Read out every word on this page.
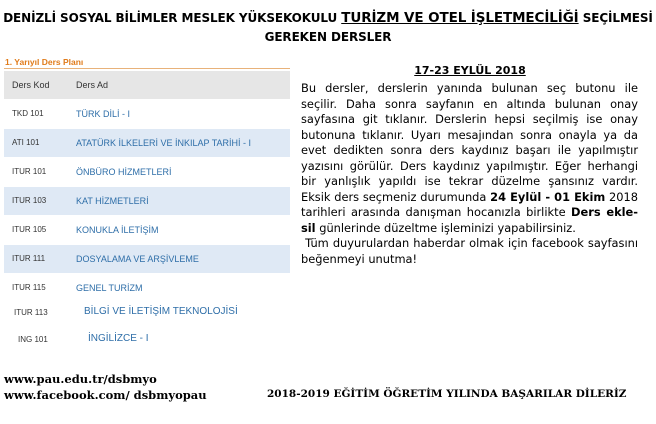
DENİZLİ SOSYAL BİLİMLER MESLEK YÜKSEKOKULU TURİZM VE OTEL İŞLETMECİLİĞİ SEÇİLMESİ
GEREKEN DERSLER
1. Yarıyıl Ders Planı
Ders Kod	Ders Ad
TKD 101	TÜRK DİLİ - I
ATI 101	ATATÜRK İLKELERİ VE İNKILAP TARİHİ - I
ITUR 101	ÖNBÜRO HİZMETLERİ
ITUR 103	KAT HİZMETLERİ
ITUR 105	KONUKLA İLETİŞİM
ITUR 111	DOSYALAMA VE ARŞİVLEME
ITUR 115	GENEL TURİZM
ITUR 113	BİLGİ VE İLETİŞİM TEKNOLOJİSİ
ING 101	İNGİLİZCE - I
17-23 EYLÜL 2018

Bu dersler, derslerin yanında bulunan seç butonu ile seçilir. Daha sonra sayfanın en altında bulunan onay sayfasına git tıklanır. Derslerin hepsi seçilmiş ise onay butonuna tıklanır. Uyarı mesajından sonra onayla ya da evet dedikten sonra ders kaydınız başarı ile yapılmıştır yazısını görülür. Ders kaydınız yapılmıştır. Eğer herhangi bir yanlışlık yapıldı ise tekrar düzelme şansınız vardır. Eksik ders seçmeniz durumunda 24 Eylül - 01 Ekim 2018 tarihleri arasında danışman hocanızla birlikte Ders ekle-sil günlerinde düzeltme işleminizi yapabilirsiniz.

Tüm duyurulardan haberdar olmak için facebook sayfasını beğenmeyi unutma!

www.pau.edu.tr/dsbmyo
www.facebook.com/ dsbmyopau	2018-2019 EĞİTİM ÖĞRETİM YILINDA BAŞARILAR DİLERİZ
